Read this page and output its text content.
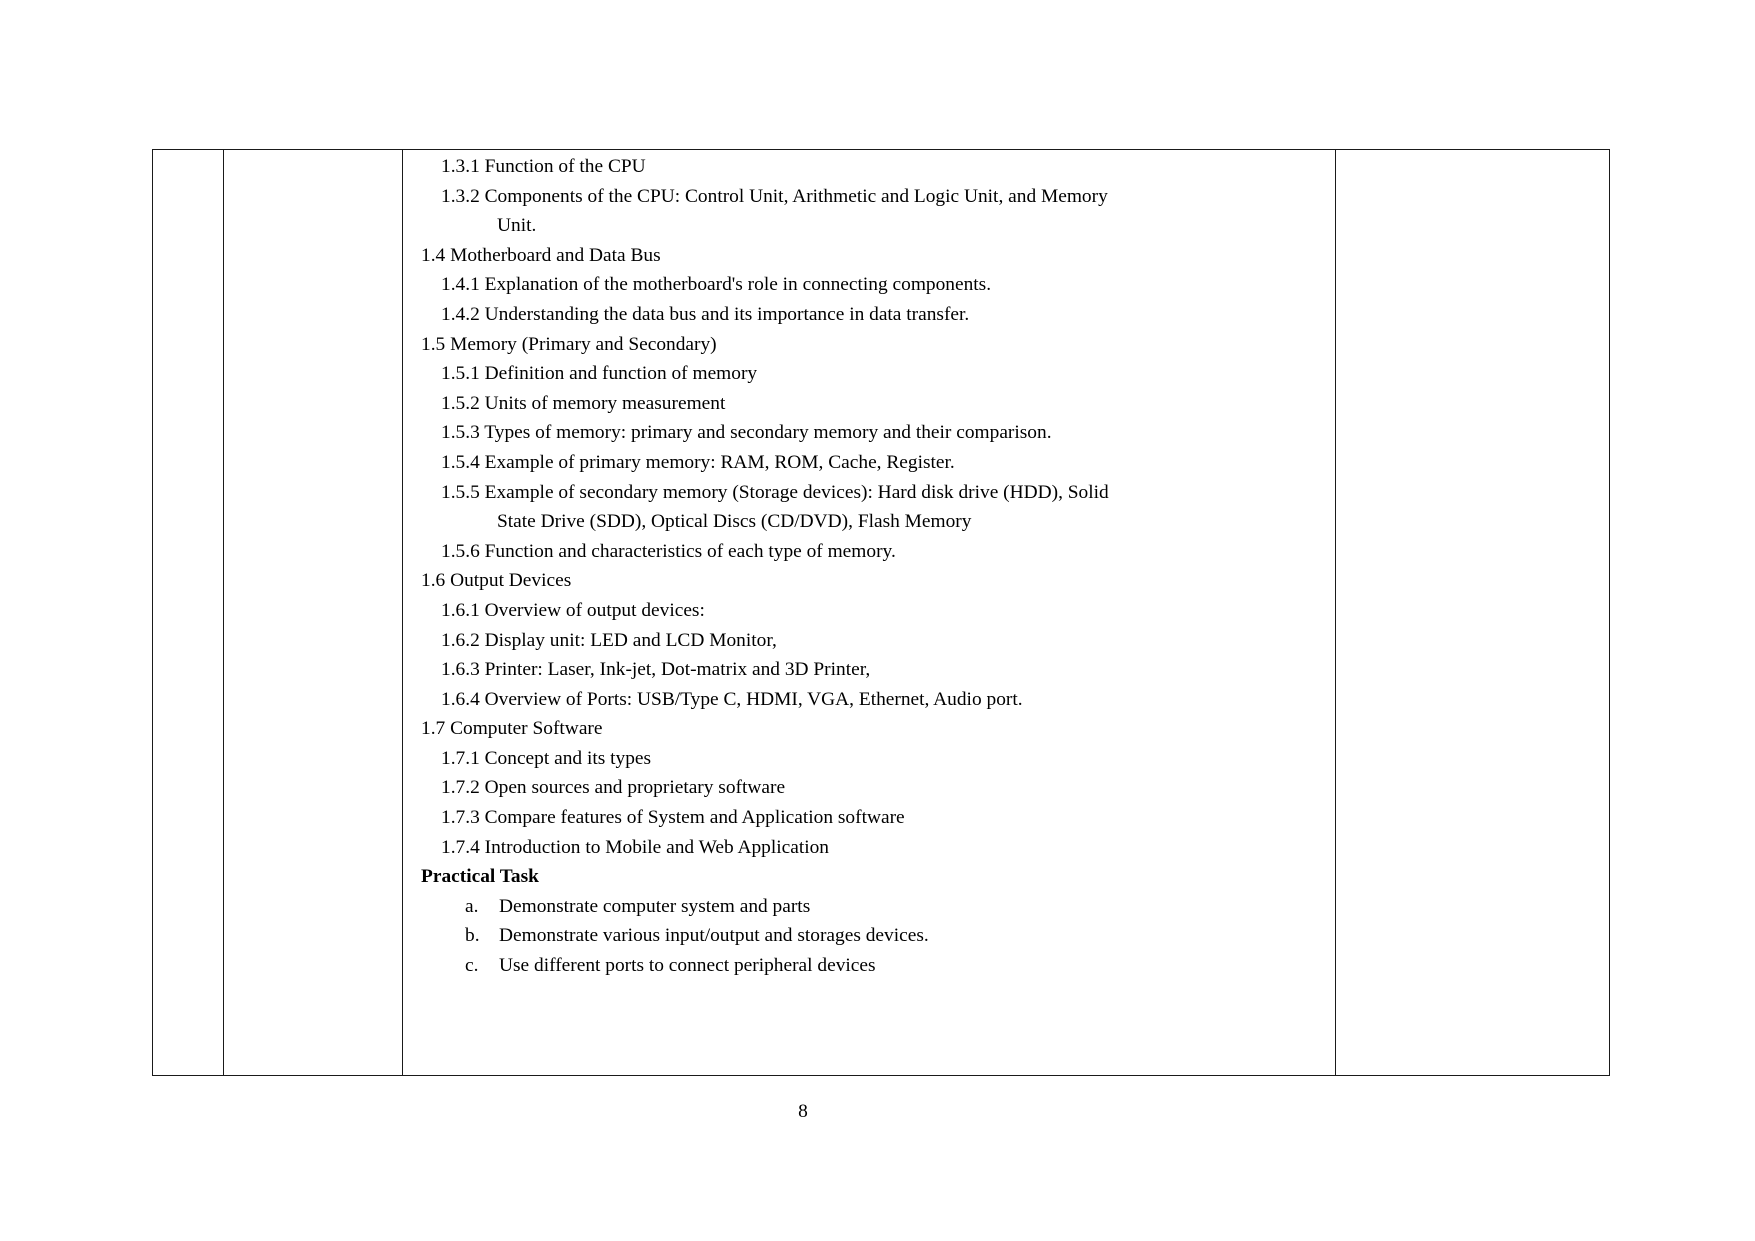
1.3.1 Function of the CPU
1.3.2 Components of the CPU: Control Unit, Arithmetic and Logic Unit, and Memory
Unit.
1.4 Motherboard and Data Bus
1.4.1 Explanation of the motherboard's role in connecting components.
1.4.2 Understanding the data bus and its importance in data transfer.
1.5 Memory (Primary and Secondary)
1.5.1 Definition and function of memory
1.5.2 Units of memory measurement
1.5.3 Types of memory: primary and secondary memory and their comparison.
1.5.4 Example of primary memory: RAM, ROM, Cache, Register.
1.5.5 Example of secondary memory (Storage devices): Hard disk drive (HDD), Solid
State Drive (SDD), Optical Discs (CD/DVD), Flash Memory
1.5.6 Function and characteristics of each type of memory.
1.6 Output Devices
1.6.1 Overview of output devices:
1.6.2 Display unit: LED and LCD Monitor,
1.6.3 Printer: Laser, Ink-jet, Dot-matrix and 3D Printer,
1.6.4 Overview of Ports: USB/Type C, HDMI, VGA, Ethernet, Audio port.
1.7 Computer Software
1.7.1 Concept and its types
1.7.2 Open sources and proprietary software
1.7.3 Compare features of System and Application software
1.7.4 Introduction to Mobile and Web Application
Practical Task
a.	Demonstrate computer system and parts
b.	Demonstrate various input/output and storages devices.
c.	Use different ports to connect peripheral devices

8
